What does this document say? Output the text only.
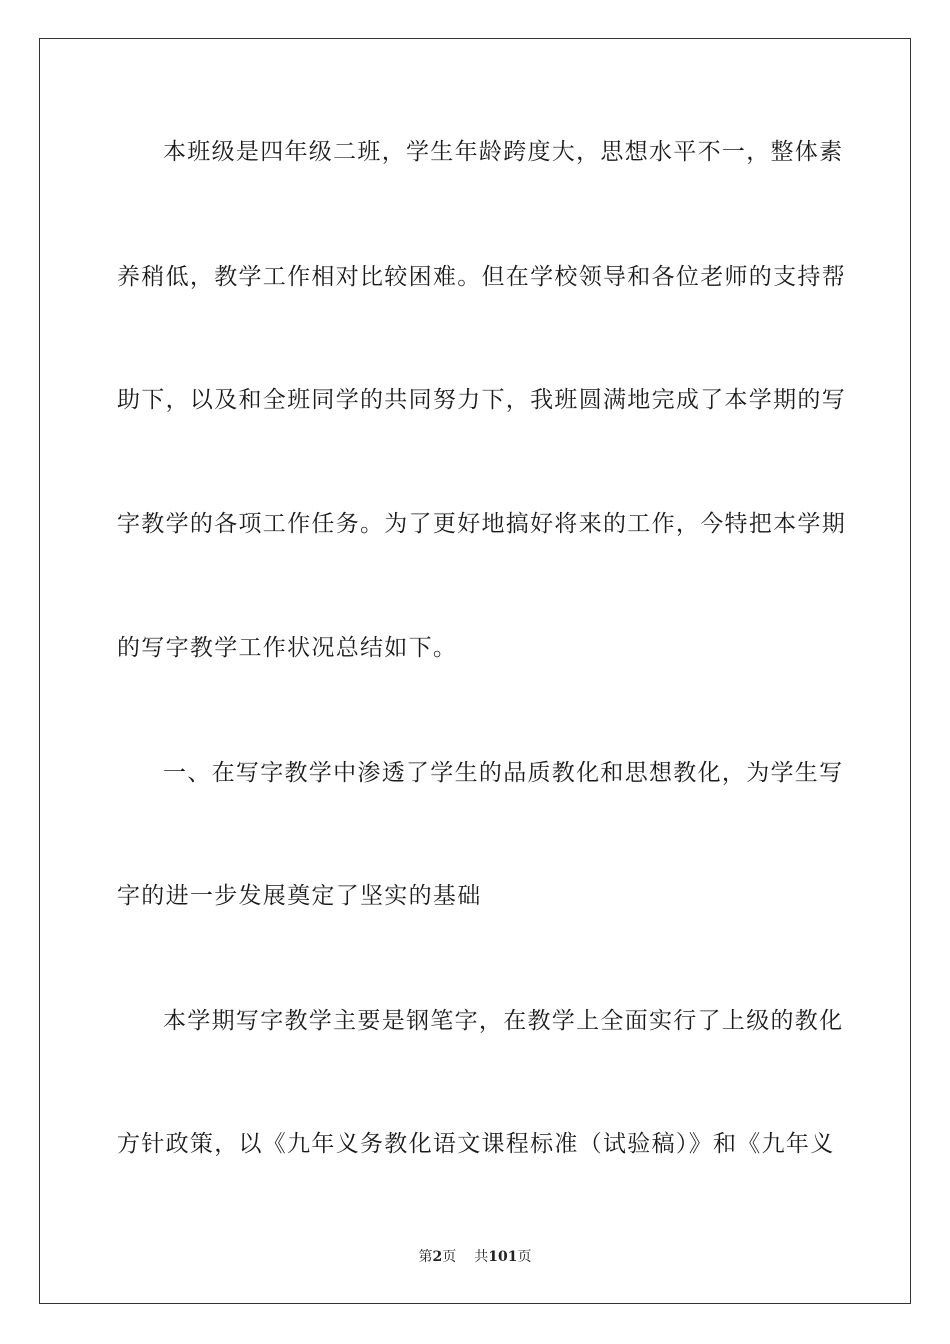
本班级是四年级二班，学生年龄跨度大，思想水平不一，整体素
养稍低，教学工作相对比较困难。但在学校领导和各位老师的支持帮
助下，以及和全班同学的共同努力下，我班圆满地完成了本学期的写
字教学的各项工作任务。为了更好地搞好将来的工作，今特把本学期
的写字教学工作状况总结如下。
一、在写字教学中渗透了学生的品质教化和思想教化，为学生写
字的进一步发展奠定了坚实的基础
本学期写字教学主要是钢笔字，在教学上全面实行了上级的教化
方针政策，以《九年义务教化语文课程标准（试验稿）》和《九年义
第2页 共101页
